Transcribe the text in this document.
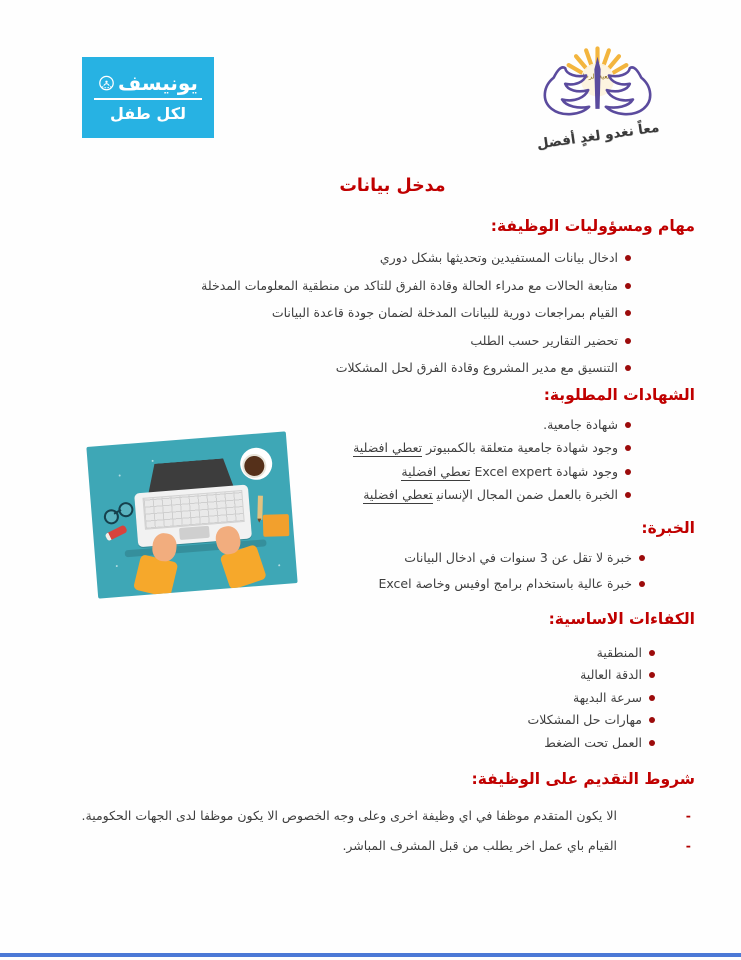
يونيسف
لكل طفل
جمعية الرخاء
معاً نغدو لغدٍ أفضل
مدخل بيانات
مهام ومسؤوليات الوظيفة:
ادخال بيانات المستفيدين وتحديثها بشكل دوري
متابعة الحالات مع مدراء الحالة وقادة الفرق للتاكد من منطقية المعلومات المدخلة
القيام بمراجعات دورية للبيانات المدخلة لضمان جودة قاعدة البيانات
تحضير التقارير حسب الطلب
التنسيق مع مدير المشروع وقادة الفرق لحل المشكلات
الشهادات المطلوبة:
شهادة جامعية.
وجود شهادة جامعية متعلقة بالكمبيوترتعطي افضلية
وجود شهادة Excel expertتعطي افضلية
الخبرة بالعمل ضمن المجال الإنسانيتعطي افضلية
الخبرة:
خبرة لا تقل عن 3 سنوات في ادخال البيانات
خبرة عالية باستخدام برامج اوفيس وخاصة Excel
الكفاءات الاساسية:
المنطقية
الدقة العالية
سرعة البديهة
مهارات حل المشكلات
العمل تحت الضغط
شروط التقديم على الوظيفة:
-
الا يكون المتقدم موظفا في اي وظيفة اخرى وعلى وجه الخصوص الا يكون موظفا لدى الجهات الحكومية.
-
القيام باي عمل اخر يطلب من قبل المشرف المباشر.
